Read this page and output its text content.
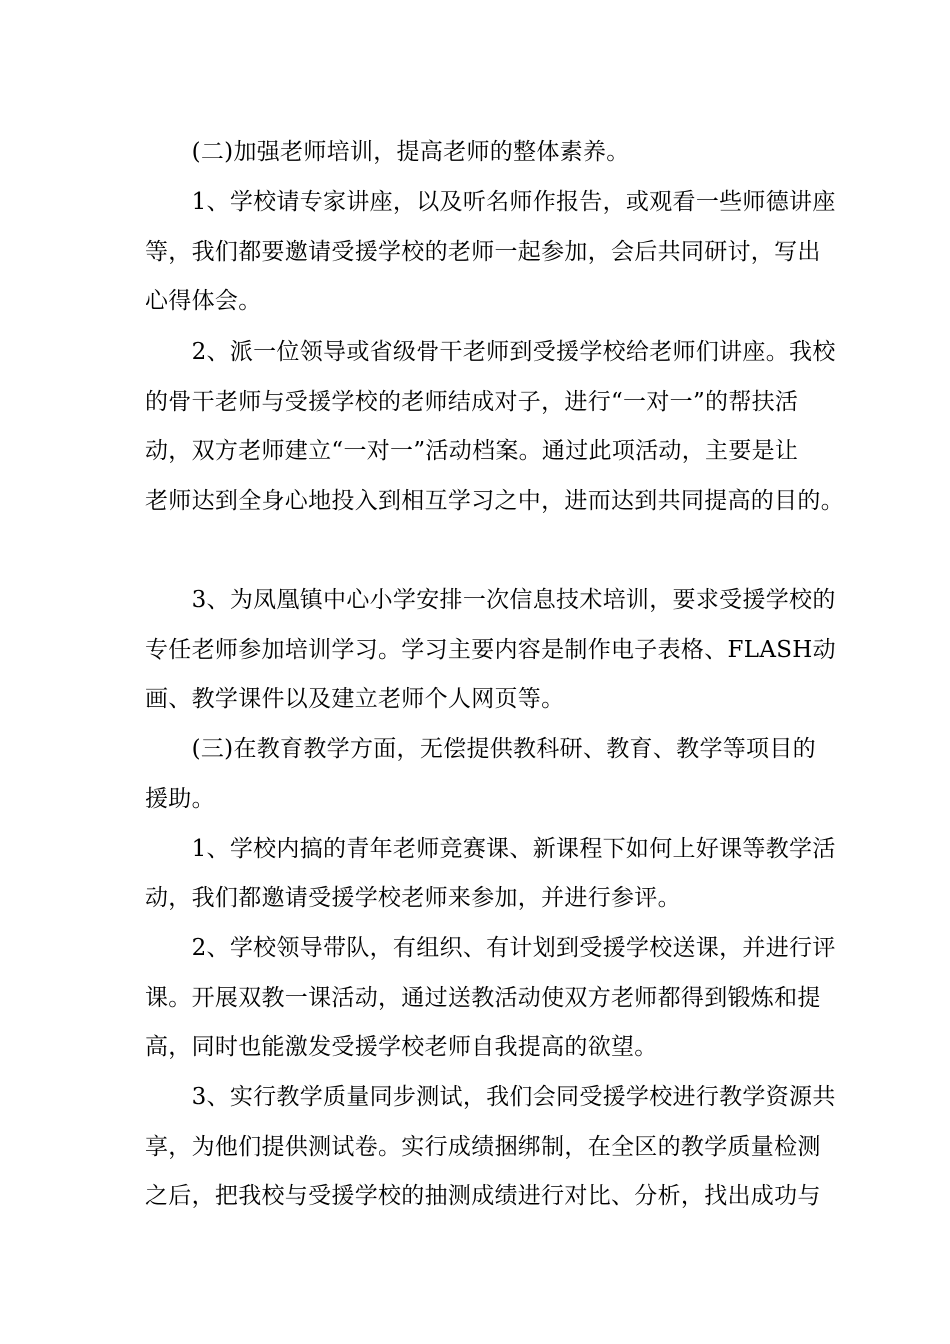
　　(二)加强老师培训，提高老师的整体素养。
　　1、学校请专家讲座，以及听名师作报告，或观看一些师德讲座
等，我们都要邀请受援学校的老师一起参加，会后共同研讨，写出
心得体会。
　　2、派一位领导或省级骨干老师到受援学校给老师们讲座。我校
的骨干老师与受援学校的老师结成对子，进行“一对一”的帮扶活
动，双方老师建立“一对一”活动档案。通过此项活动，主要是让
老师达到全身心地投入到相互学习之中，进而达到共同提高的目的。
　　3、为凤凰镇中心小学安排一次信息技术培训，要求受援学校的
专任老师参加培训学习。学习主要内容是制作电子表格、FLASH动
画、教学课件以及建立老师个人网页等。
　　(三)在教育教学方面，无偿提供教科研、教育、教学等项目的
援助。
　　1、学校内搞的青年老师竞赛课、新课程下如何上好课等教学活
动，我们都邀请受援学校老师来参加，并进行参评。
　　2、学校领导带队，有组织、有计划到受援学校送课，并进行评
课。开展双教一课活动，通过送教活动使双方老师都得到锻炼和提
高，同时也能激发受援学校老师自我提高的欲望。
　　3、实行教学质量同步测试，我们会同受援学校进行教学资源共
享，为他们提供测试卷。实行成绩捆绑制，在全区的教学质量检测
之后，把我校与受援学校的抽测成绩进行对比、分析，找出成功与
